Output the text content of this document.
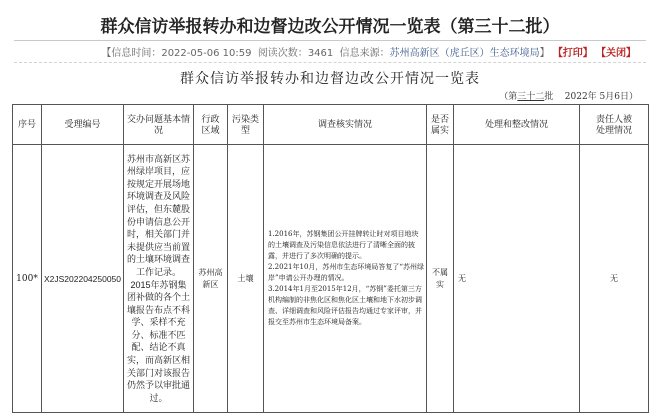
群众信访举报转办和边督边改公开情况一览表（第三十二批）
【信息时间：2022-05-06 10:59 阅读次数：3461 信息来源：苏州高新区（虎丘区）生态环境局】 【打印】 【关闭】
群众信访举报转办和边督边改公开情况一览表
（第三十二批 2022年 5月6日）
序号	受理编号
交办问题基本情况
行政区域
污染类型
调查核实情况
是否属实
处理和整改情况
责任人被处理情况
100* X2JS202204250050
苏州市高新区苏州绿岸项目，应按规定开展场地环境调查及风险评估，但东麓股份申请信息公开时，相关部门并未提供应当前置的土壤环境调查工作记录。2015年苏钢集团补做的各个土壤报告布点不科学、采样不充分、标准不匹配、结论不真实，而高新区相关部门对该报告仍然予以审批通过。
苏州高新区
土壤

1.2016年，苏钢集团公开挂牌转让时对项目地块的土壤调查及污染信息依法进行了清晰全面的披露，并进行了多次明确的提示。

2.2021年10月，苏州市生态环境局答复了“苏州绿岸”申请公开办理的情况。

3.2014年1月至2015年12月，“苏钢”委托第三方机构编制的非焦化区和焦化区土壤和地下水初步调查、详细调查和风险评估报告均通过专家评审，并报交至苏州市生态环境局备案。

不属实
无	无
